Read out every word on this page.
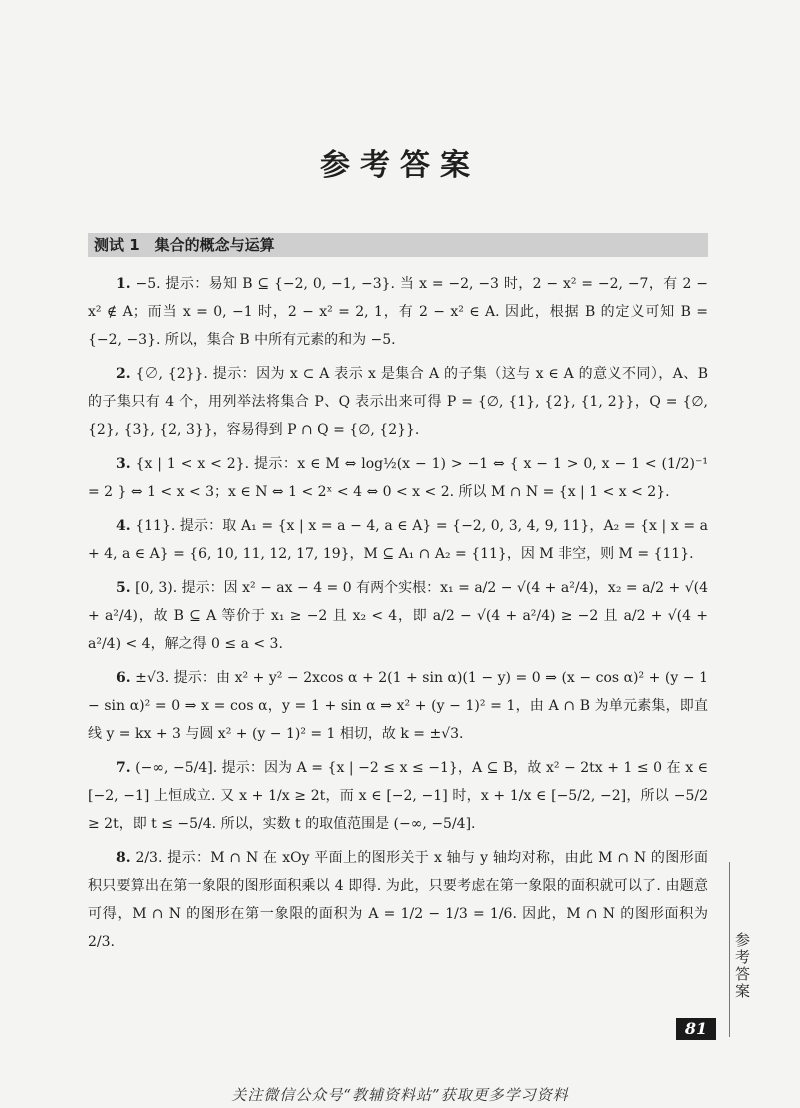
参考答案
测试 1　集合的概念与运算

1. −5. 提示：易知 B ⊆ {−2, 0, −1, −3}. 当 x = −2, −3 时，2 − x² = −2, −7，有 2 − x² ∉ A；而当 x = 0, −1 时，2 − x² = 2, 1，有 2 − x² ∈ A. 因此，根据 B 的定义可知 B = {−2, −3}. 所以，集合 B 中所有元素的和为 −5.

2. {∅, {2}}. 提示：因为 x ⊂ A 表示 x 是集合 A 的子集（这与 x ∈ A 的意义不同），A、B 的子集只有 4 个，用列举法将集合 P、Q 表示出来可得 P = {∅, {1}, {2}, {1, 2}}，Q = {∅, {2}, {3}, {2, 3}}，容易得到 P ∩ Q = {∅, {2}}.

3. {x | 1 < x < 2}. 提示：x ∈ M ⇔ log½(x − 1) > −1 ⇔ { x − 1 > 0, x − 1 < (1/2)⁻¹ = 2 } ⇔ 1 < x < 3；x ∈ N ⇔ 1 < 2ˣ < 4 ⇔ 0 < x < 2. 所以 M ∩ N = {x | 1 < x < 2}.

4. {11}. 提示：取 A₁ = {x | x = a − 4, a ∈ A} = {−2, 0, 3, 4, 9, 11}，A₂ = {x | x = a + 4, a ∈ A} = {6, 10, 11, 12, 17, 19}，M ⊆ A₁ ∩ A₂ = {11}，因 M 非空，则 M = {11}.

5. [0, 3). 提示：因 x² − ax − 4 = 0 有两个实根：x₁ = a/2 − √(4 + a²/4)，x₂ = a/2 + √(4 + a²/4)，故 B ⊆ A 等价于 x₁ ≥ −2 且 x₂ < 4，即 a/2 − √(4 + a²/4) ≥ −2 且 a/2 + √(4 + a²/4) < 4，解之得 0 ≤ a < 3.

6. ±√3. 提示：由 x² + y² − 2xcos α + 2(1 + sin α)(1 − y) = 0 ⇒ (x − cos α)² + (y − 1 − sin α)² = 0 ⇒ x = cos α，y = 1 + sin α ⇒ x² + (y − 1)² = 1，由 A ∩ B 为单元素集，即直线 y = kx + 3 与圆 x² + (y − 1)² = 1 相切，故 k = ±√3.

7. (−∞, −5/4]. 提示：因为 A = {x | −2 ≤ x ≤ −1}，A ⊆ B，故 x² − 2tx + 1 ≤ 0 在 x ∈ [−2, −1] 上恒成立. 又 x + 1/x ≥ 2t，而 x ∈ [−2, −1] 时，x + 1/x ∈ [−5/2, −2]，所以 −5/2 ≥ 2t，即 t ≤ −5/4. 所以，实数 t 的取值范围是 (−∞, −5/4].

8. 2/3. 提示：M ∩ N 在 xOy 平面上的图形关于 x 轴与 y 轴均对称，由此 M ∩ N 的图形面积只要算出在第一象限的图形面积乘以 4 即得. 为此，只要考虑在第一象限的面积就可以了. 由题意可得，M ∩ N 的图形在第一象限的面积为 A = 1/2 − 1/3 = 1/6. 因此，M ∩ N 的图形面积为 2/3.	参考答案
81
关注微信公众号“教辅资料站”获取更多学习资料
